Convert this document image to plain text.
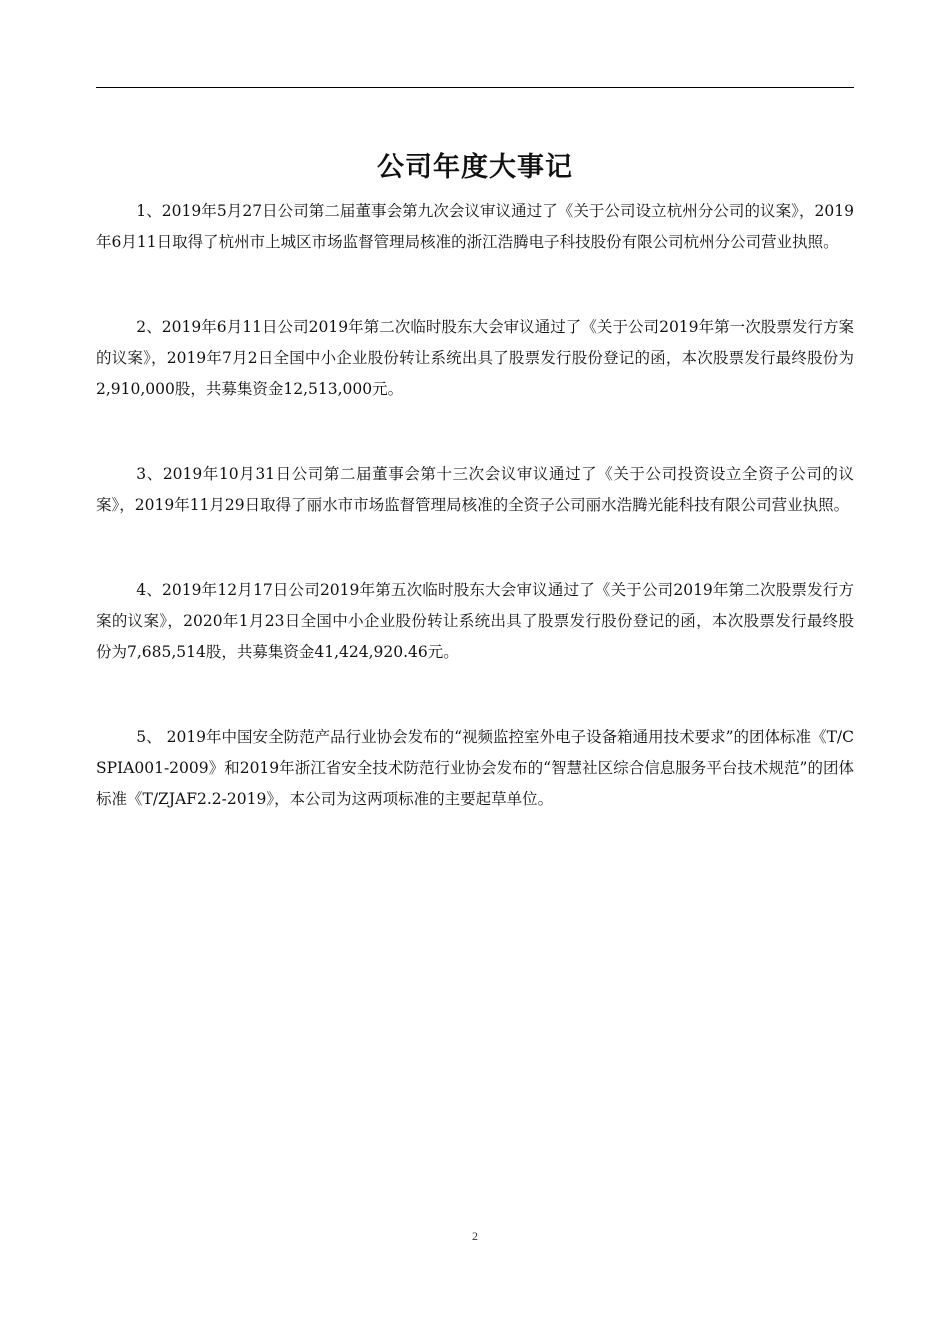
公司年度大事记
1、2019年5月27日公司第二届董事会第九次会议审议通过了《关于公司设立杭州分公司的议案》，2019年6月11日取得了杭州市上城区市场监督管理局核准的浙江浩腾电子科技股份有限公司杭州分公司营业执照。
2、2019年6月11日公司2019年第二次临时股东大会审议通过了《关于公司2019年第一次股票发行方案的议案》，2019年7月2日全国中小企业股份转让系统出具了股票发行股份登记的函，本次股票发行最终股份为2,910,000股，共募集资金12,513,000元。
3、2019年10月31日公司第二届董事会第十三次会议审议通过了《关于公司投资设立全资子公司的议案》，2019年11月29日取得了丽水市市场监督管理局核准的全资子公司丽水浩腾光能科技有限公司营业执照。
4、2019年12月17日公司2019年第五次临时股东大会审议通过了《关于公司2019年第二次股票发行方案的议案》，2020年1月23日全国中小企业股份转让系统出具了股票发行股份登记的函，本次股票发行最终股份为7,685,514股，共募集资金41,424,920.46元。
5、 2019年中国安全防范产品行业协会发布的“视频监控室外电子设备箱通用技术要求”的团体标准《T/CSPIA001-2009》和2019年浙江省安全技术防范行业协会发布的“智慧社区综合信息服务平台技术规范”的团体标准《T/ZJAF2.2-2019》，本公司为这两项标准的主要起草单位。
2
